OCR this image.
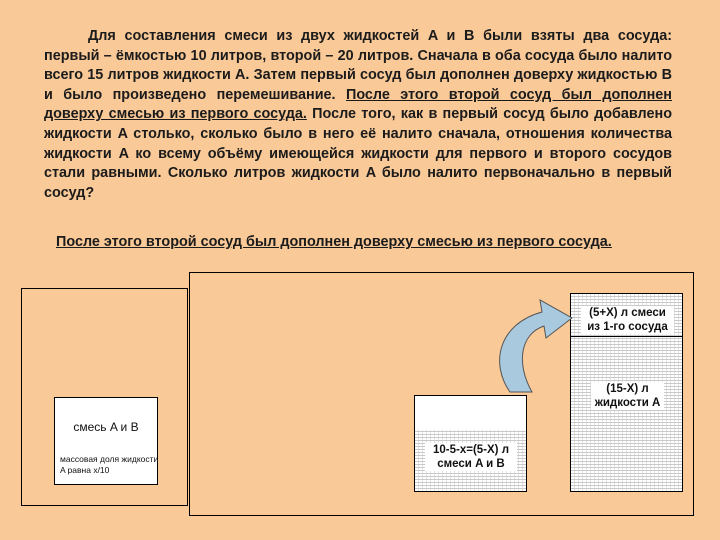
Для составления смеси из двух жидкостей A и B были взяты два сосуда: первый – ёмкостью 10 литров, второй – 20 литров. Сначала в оба сосуда было налито всего 15 литров жидкости A. Затем первый сосуд был дополнен доверху жидкостью B и было произведено перемешивание. После этого второй сосуд был дополнен доверху смесью из первого сосуда. После того, как в первый сосуд было добавлено жидкости A столько, сколько было в него её налито сначала, отношения количества жидкости A ко всему объёму имеющейся жидкости для первого и второго сосудов стали равными. Сколько литров жидкости A было налито первоначально в первый сосуд?

После этого второй сосуд был дополнен доверху смесью из первого сосуда.

смесь A и B
массовая доля жидкости A равна x/10
10-5-x=(5-X) л
смеси A и B
(5+X) л смеси
из 1-го сосуда
(15-X) л
жидкости A
